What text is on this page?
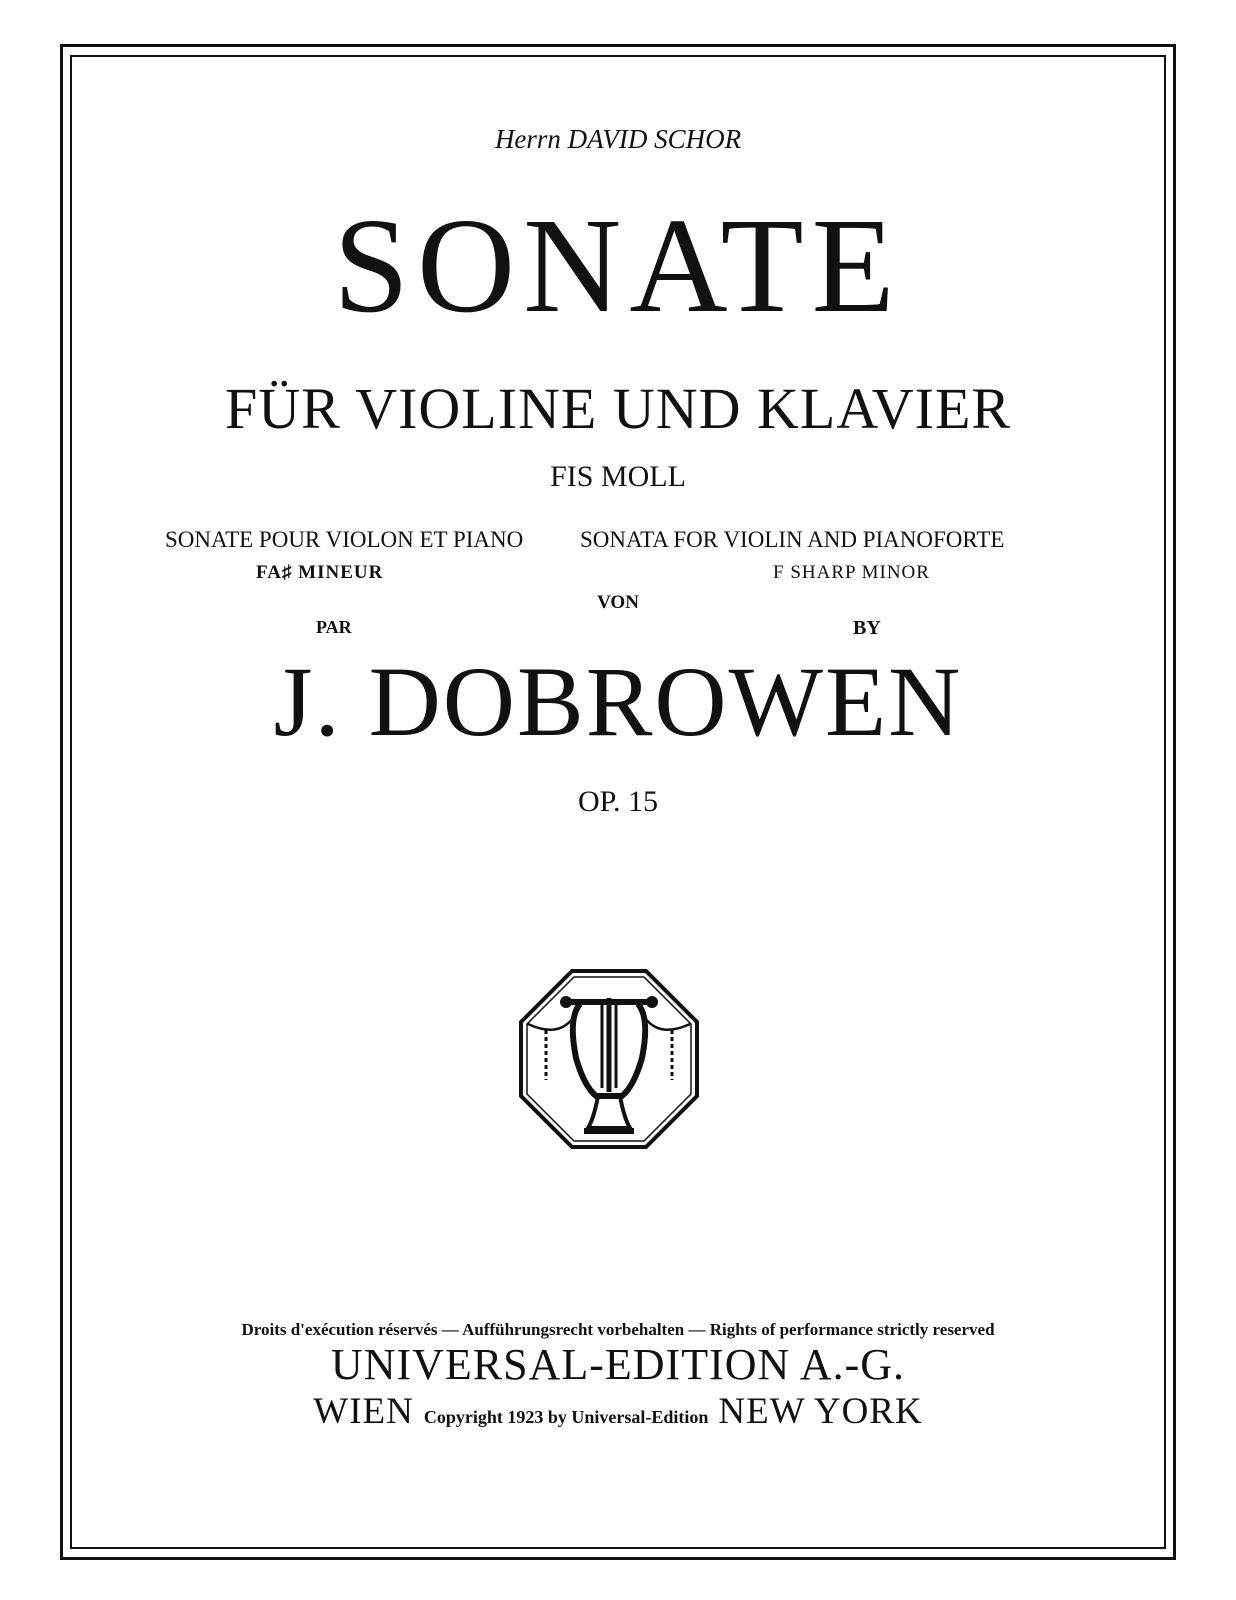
Herrn DAVID SCHOR
SONATE
FÜR VIOLINE UND KLAVIER
FIS MOLL
SONATE POUR VIOLON ET PIANO SONATA FOR VIOLIN AND PIANOFORTE
FA♯ MINEUR	F SHARP MINOR
VON
PAR	BY
J. DOBROWEN
OP. 15
Droits d'exécution réservés — Aufführungsrecht vorbehalten — Rights of performance strictly reserved
UNIVERSAL-EDITION A.-G.
WIEN Copyright 1923 by Universal-Edition NEW YORK
